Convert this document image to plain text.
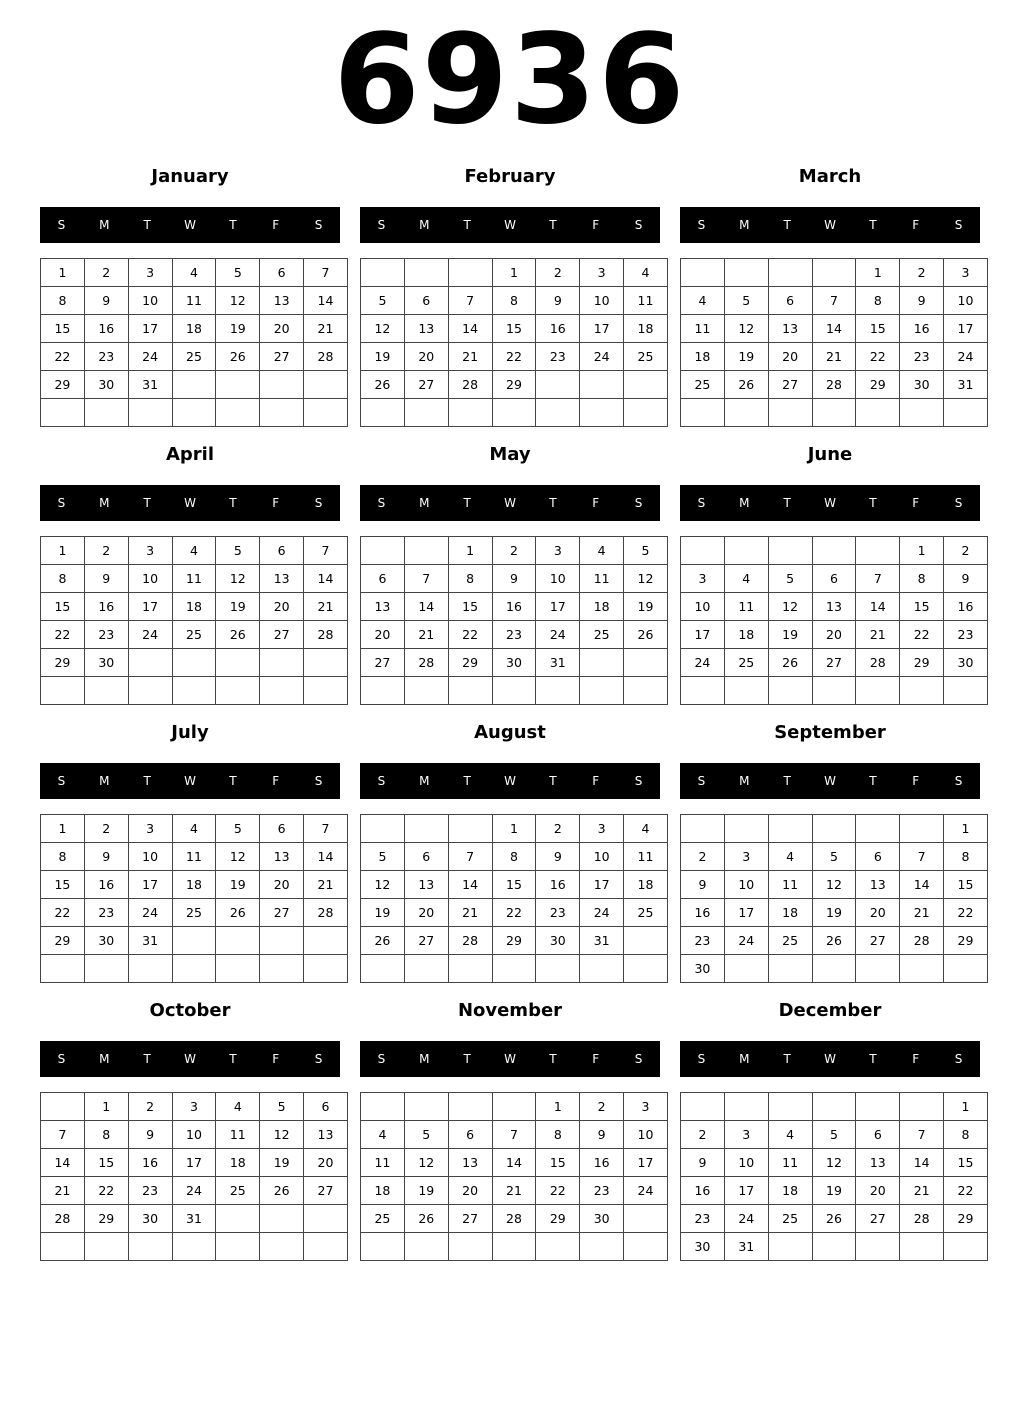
6936
January
S	M	T	W	T	F	S
1	2	3	4	5	6	7
8	9	10	11	12	13	14
15	16	17	18	19	20	21
22	23	24	25	26	27	28
29	30	31				

February
S	M	T	W	T	F	S
			1	2	3	4
5	6	7	8	9	10	11
12	13	14	15	16	17	18
19	20	21	22	23	24	25
26	27	28	29			

March
S	M	T	W	T	F	S
				1	2	3
4	5	6	7	8	9	10
11	12	13	14	15	16	17
18	19	20	21	22	23	24
25	26	27	28	29	30	31

April
S	M	T	W	T	F	S
1	2	3	4	5	6	7
8	9	10	11	12	13	14
15	16	17	18	19	20	21
22	23	24	25	26	27	28
29	30					

May
S	M	T	W	T	F	S
		1	2	3	4	5
6	7	8	9	10	11	12
13	14	15	16	17	18	19
20	21	22	23	24	25	26
27	28	29	30	31		

June
S	M	T	W	T	F	S
					1	2
3	4	5	6	7	8	9
10	11	12	13	14	15	16
17	18	19	20	21	22	23
24	25	26	27	28	29	30

July
S	M	T	W	T	F	S
1	2	3	4	5	6	7
8	9	10	11	12	13	14
15	16	17	18	19	20	21
22	23	24	25	26	27	28
29	30	31				

August
S	M	T	W	T	F	S
			1	2	3	4
5	6	7	8	9	10	11
12	13	14	15	16	17	18
19	20	21	22	23	24	25
26	27	28	29	30	31	

September
S	M	T	W	T	F	S
						1
2	3	4	5	6	7	8
9	10	11	12	13	14	15
16	17	18	19	20	21	22
23	24	25	26	27	28	29
30						
October
S	M	T	W	T	F	S
	1	2	3	4	5	6
7	8	9	10	11	12	13
14	15	16	17	18	19	20
21	22	23	24	25	26	27
28	29	30	31			

November
S	M	T	W	T	F	S
				1	2	3
4	5	6	7	8	9	10
11	12	13	14	15	16	17
18	19	20	21	22	23	24
25	26	27	28	29	30	

December
S	M	T	W	T	F	S
						1
2	3	4	5	6	7	8
9	10	11	12	13	14	15
16	17	18	19	20	21	22
23	24	25	26	27	28	29
30	31					
